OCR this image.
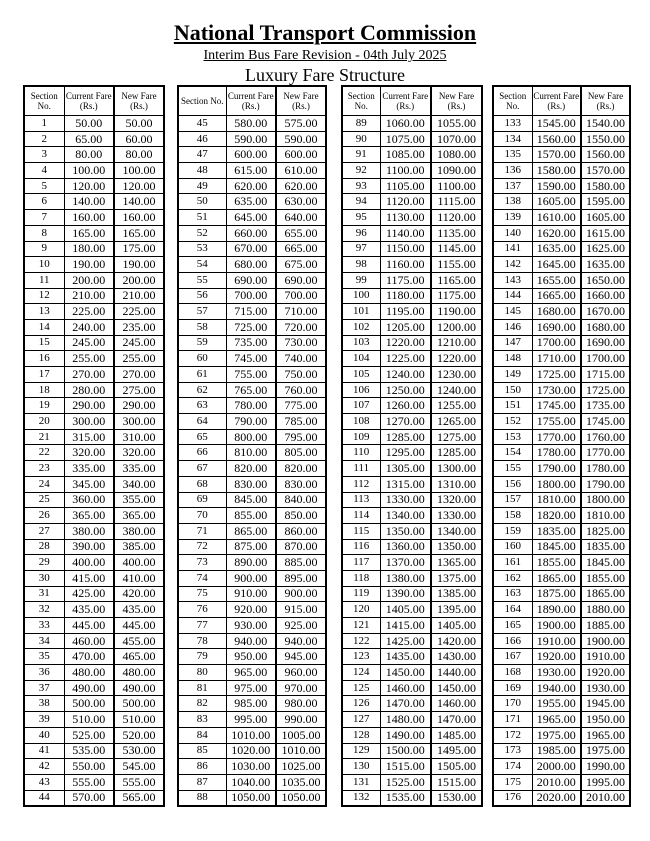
National Transport Commission
Interim Bus Fare Revision - 04th July 2025
Luxury Fare Structure
Section No.	Current Fare (Rs.)	New Fare (Rs.)
1	50.00	50.00
2	65.00	60.00
3	80.00	80.00
4	100.00	100.00
5	120.00	120.00
6	140.00	140.00
7	160.00	160.00
8	165.00	165.00
9	180.00	175.00
10	190.00	190.00
11	200.00	200.00
12	210.00	210.00
13	225.00	225.00
14	240.00	235.00
15	245.00	245.00
16	255.00	255.00
17	270.00	270.00
18	280.00	275.00
19	290.00	290.00
20	300.00	300.00
21	315.00	310.00
22	320.00	320.00
23	335.00	335.00
24	345.00	340.00
25	360.00	355.00
26	365.00	365.00
27	380.00	380.00
28	390.00	385.00
29	400.00	400.00
30	415.00	410.00
31	425.00	420.00
32	435.00	435.00
33	445.00	445.00
34	460.00	455.00
35	470.00	465.00
36	480.00	480.00
37	490.00	490.00
38	500.00	500.00
39	510.00	510.00
40	525.00	520.00
41	535.00	530.00
42	550.00	545.00
43	555.00	555.00
44	570.00	565.00
Section No.	Current Fare (Rs.)	New Fare (Rs.)
45	580.00	575.00
46	590.00	590.00
47	600.00	600.00
48	615.00	610.00
49	620.00	620.00
50	635.00	630.00
51	645.00	640.00
52	660.00	655.00
53	670.00	665.00
54	680.00	675.00
55	690.00	690.00
56	700.00	700.00
57	715.00	710.00
58	725.00	720.00
59	735.00	730.00
60	745.00	740.00
61	755.00	750.00
62	765.00	760.00
63	780.00	775.00
64	790.00	785.00
65	800.00	795.00
66	810.00	805.00
67	820.00	820.00
68	830.00	830.00
69	845.00	840.00
70	855.00	850.00
71	865.00	860.00
72	875.00	870.00
73	890.00	885.00
74	900.00	895.00
75	910.00	900.00
76	920.00	915.00
77	930.00	925.00
78	940.00	940.00
79	950.00	945.00
80	965.00	960.00
81	975.00	970.00
82	985.00	980.00
83	995.00	990.00
84	1010.00	1005.00
85	1020.00	1010.00
86	1030.00	1025.00
87	1040.00	1035.00
88	1050.00	1050.00
Section No.	Current Fare (Rs.)	New Fare (Rs.)
89	1060.00	1055.00
90	1075.00	1070.00
91	1085.00	1080.00
92	1100.00	1090.00
93	1105.00	1100.00
94	1120.00	1115.00
95	1130.00	1120.00
96	1140.00	1135.00
97	1150.00	1145.00
98	1160.00	1155.00
99	1175.00	1165.00
100	1180.00	1175.00
101	1195.00	1190.00
102	1205.00	1200.00
103	1220.00	1210.00
104	1225.00	1220.00
105	1240.00	1230.00
106	1250.00	1240.00
107	1260.00	1255.00
108	1270.00	1265.00
109	1285.00	1275.00
110	1295.00	1285.00
111	1305.00	1300.00
112	1315.00	1310.00
113	1330.00	1320.00
114	1340.00	1330.00
115	1350.00	1340.00
116	1360.00	1350.00
117	1370.00	1365.00
118	1380.00	1375.00
119	1390.00	1385.00
120	1405.00	1395.00
121	1415.00	1405.00
122	1425.00	1420.00
123	1435.00	1430.00
124	1450.00	1440.00
125	1460.00	1450.00
126	1470.00	1460.00
127	1480.00	1470.00
128	1490.00	1485.00
129	1500.00	1495.00
130	1515.00	1505.00
131	1525.00	1515.00
132	1535.00	1530.00
Section No.	Current Fare (Rs.)	New Fare (Rs.)
133	1545.00	1540.00
134	1560.00	1550.00
135	1570.00	1560.00
136	1580.00	1570.00
137	1590.00	1580.00
138	1605.00	1595.00
139	1610.00	1605.00
140	1620.00	1615.00
141	1635.00	1625.00
142	1645.00	1635.00
143	1655.00	1650.00
144	1665.00	1660.00
145	1680.00	1670.00
146	1690.00	1680.00
147	1700.00	1690.00
148	1710.00	1700.00
149	1725.00	1715.00
150	1730.00	1725.00
151	1745.00	1735.00
152	1755.00	1745.00
153	1770.00	1760.00
154	1780.00	1770.00
155	1790.00	1780.00
156	1800.00	1790.00
157	1810.00	1800.00
158	1820.00	1810.00
159	1835.00	1825.00
160	1845.00	1835.00
161	1855.00	1845.00
162	1865.00	1855.00
163	1875.00	1865.00
164	1890.00	1880.00
165	1900.00	1885.00
166	1910.00	1900.00
167	1920.00	1910.00
168	1930.00	1920.00
169	1940.00	1930.00
170	1955.00	1945.00
171	1965.00	1950.00
172	1975.00	1965.00
173	1985.00	1975.00
174	2000.00	1990.00
175	2010.00	1995.00
176	2020.00	2010.00
